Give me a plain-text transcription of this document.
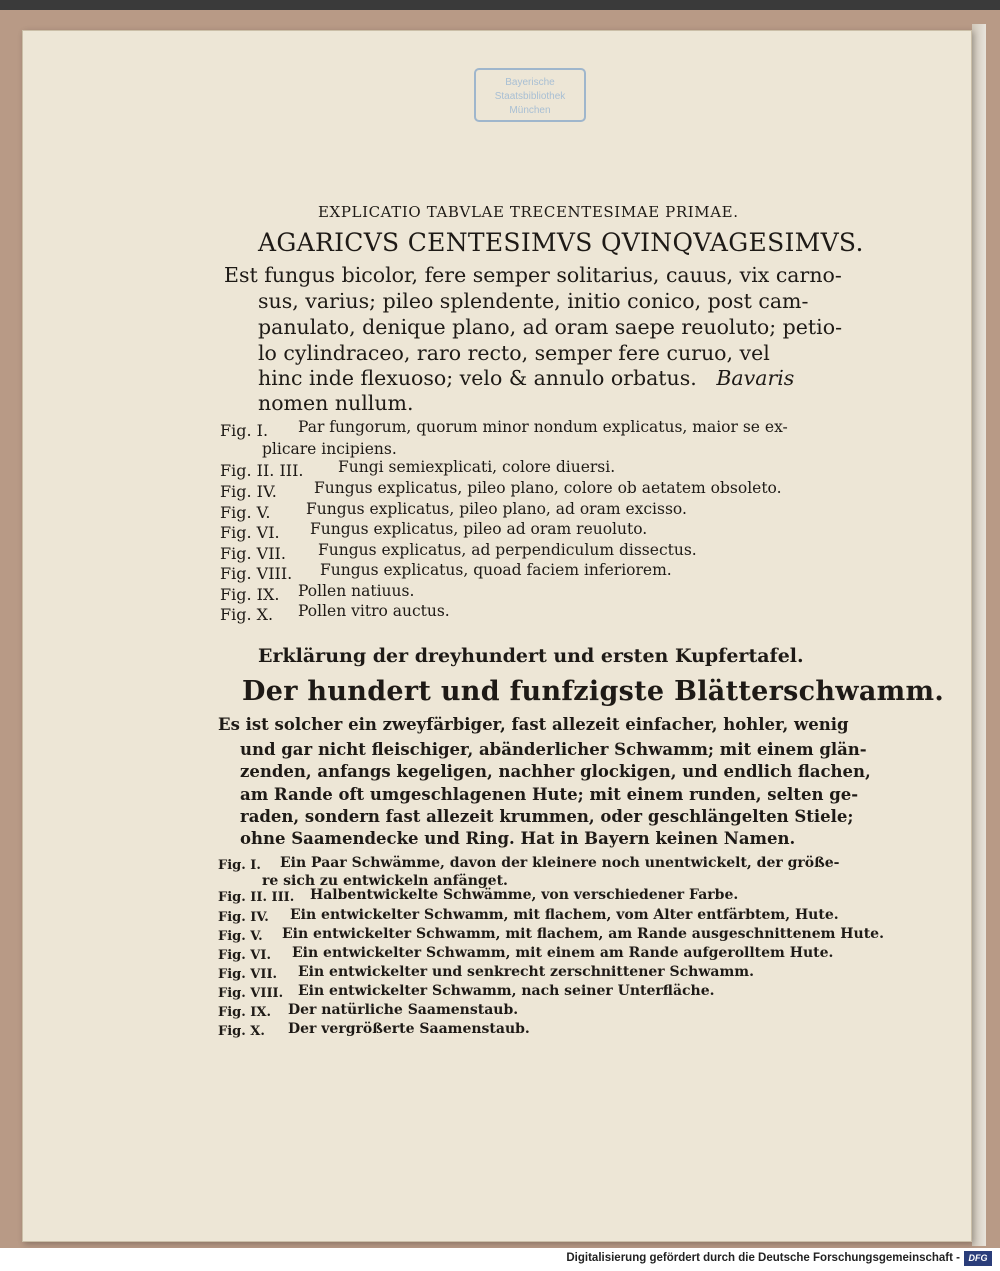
Bayerische
Staatsbibliothek
München
EXPLICATIO TABVLAE TRECENTESIMAE PRIMAE.
AGARICVS CENTESIMVS QVINQVAGESIMVS.
Est fungus bicolor, fere semper solitarius, cauus, vix carno-
sus, varius; pileo splendente, initio conico, post cam-
panulato, denique plano, ad oram saepe reuoluto; petio-
lo cylindraceo, raro recto, semper fere curuo, vel
hinc inde flexuoso; velo & annulo orbatus. Bavaris
nomen nullum.
Fig. I. Par fungorum, quorum minor nondum explicatus, maior se ex-
plicare incipiens.
Fig. II. III. Fungi semiexplicati, colore diuersi.
Fig. IV. Fungus explicatus, pileo plano, colore ob aetatem obsoleto.
Fig. V. Fungus explicatus, pileo plano, ad oram excisso.
Fig. VI. Fungus explicatus, pileo ad oram reuoluto.
Fig. VII. Fungus explicatus, ad perpendiculum dissectus.
Fig. VIII. Fungus explicatus, quoad faciem inferiorem.
Fig. IX. Pollen natiuus.
Fig. X. Pollen vitro auctus.
Erklärung der dreyhundert und ersten Kupfertafel.
Der hundert und funfzigste Blätterschwamm.
Es ist solcher ein zweyfärbiger, fast allezeit einfacher, hohler, wenig
und gar nicht fleischiger, abänderlicher Schwamm; mit einem glän-
zenden, anfangs kegeligen, nachher glockigen, und endlich flachen,
am Rande oft umgeschlagenen Hute; mit einem runden, selten ge-
raden, sondern fast allezeit krummen, oder geschlängelten Stiele;
ohne Saamendecke und Ring. Hat in Bayern keinen Namen.
Fig. I. Ein Paar Schwämme, davon der kleinere noch unentwickelt, der größe-
re sich zu entwickeln anfänget.
Fig. II. III. Halbentwickelte Schwämme, von verschiedener Farbe.
Fig. IV. Ein entwickelter Schwamm, mit flachem, vom Alter entfärbtem, Hute.
Fig. V. Ein entwickelter Schwamm, mit flachem, am Rande ausgeschnittenem Hute.
Fig. VI. Ein entwickelter Schwamm, mit einem am Rande aufgerolltem Hute.
Fig. VII. Ein entwickelter und senkrecht zerschnittener Schwamm.
Fig. VIII. Ein entwickelter Schwamm, nach seiner Unterfläche.
Fig. IX. Der natürliche Saamenstaub.
Fig. X. Der vergrößerte Saamenstaub.
Digitalisierung gefördert durch die Deutsche Forschungsgemeinschaft - DFG
